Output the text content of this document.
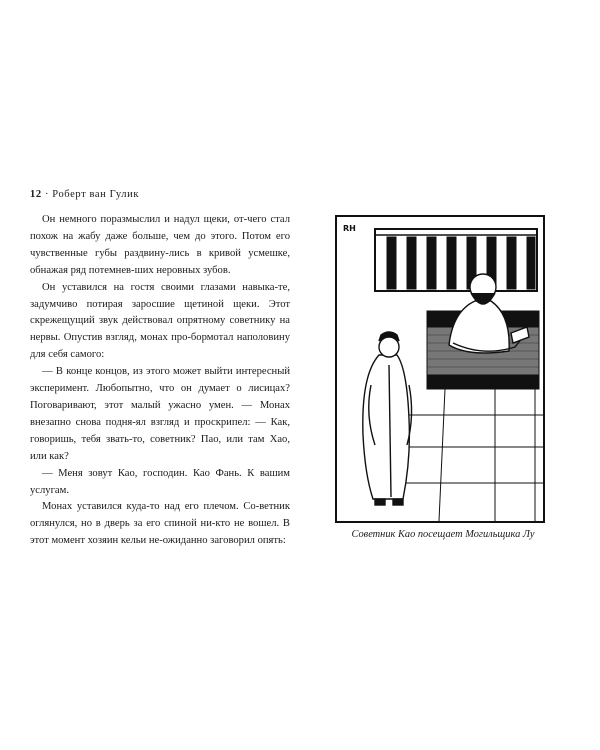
12 · Роберт ван Гулик

Он немного поразмыслил и надул щеки, от-чего стал похож на жабу даже больше, чем до этого. Потом его чувственные губы раздвину-лись в кривой усмешке, обнажая ряд потемнев-ших неровных зубов.

Он уставился на гостя своими глазами навыка-те, задумчиво потирая заросшие щетиной щеки. Этот скрежещущий звук действовал опрятному советнику на нервы. Опустив взгляд, монах про-бормотал наполовину для себя самого:

— В конце концов, из этого может выйти интересный эксперимент. Любопытно, что он думает о лисицах? Поговаривают, этот малый ужасно умен. — Монах внезапно снова подня-ял взгляд и проскрипел: — Как, говоришь, тебя звать-то, советник? Пао, или там Хао, или как?

— Меня зовут Као, господин. Као Фань. К вашим услугам.

Монах уставился куда-то над его плечом. Со-ветник оглянулся, но в дверь за его спиной ни-кто не вошел. В этот момент хозяин кельи не-ожиданно заговорил опять:

RH
Советник Као посещает Могильщика Лу
